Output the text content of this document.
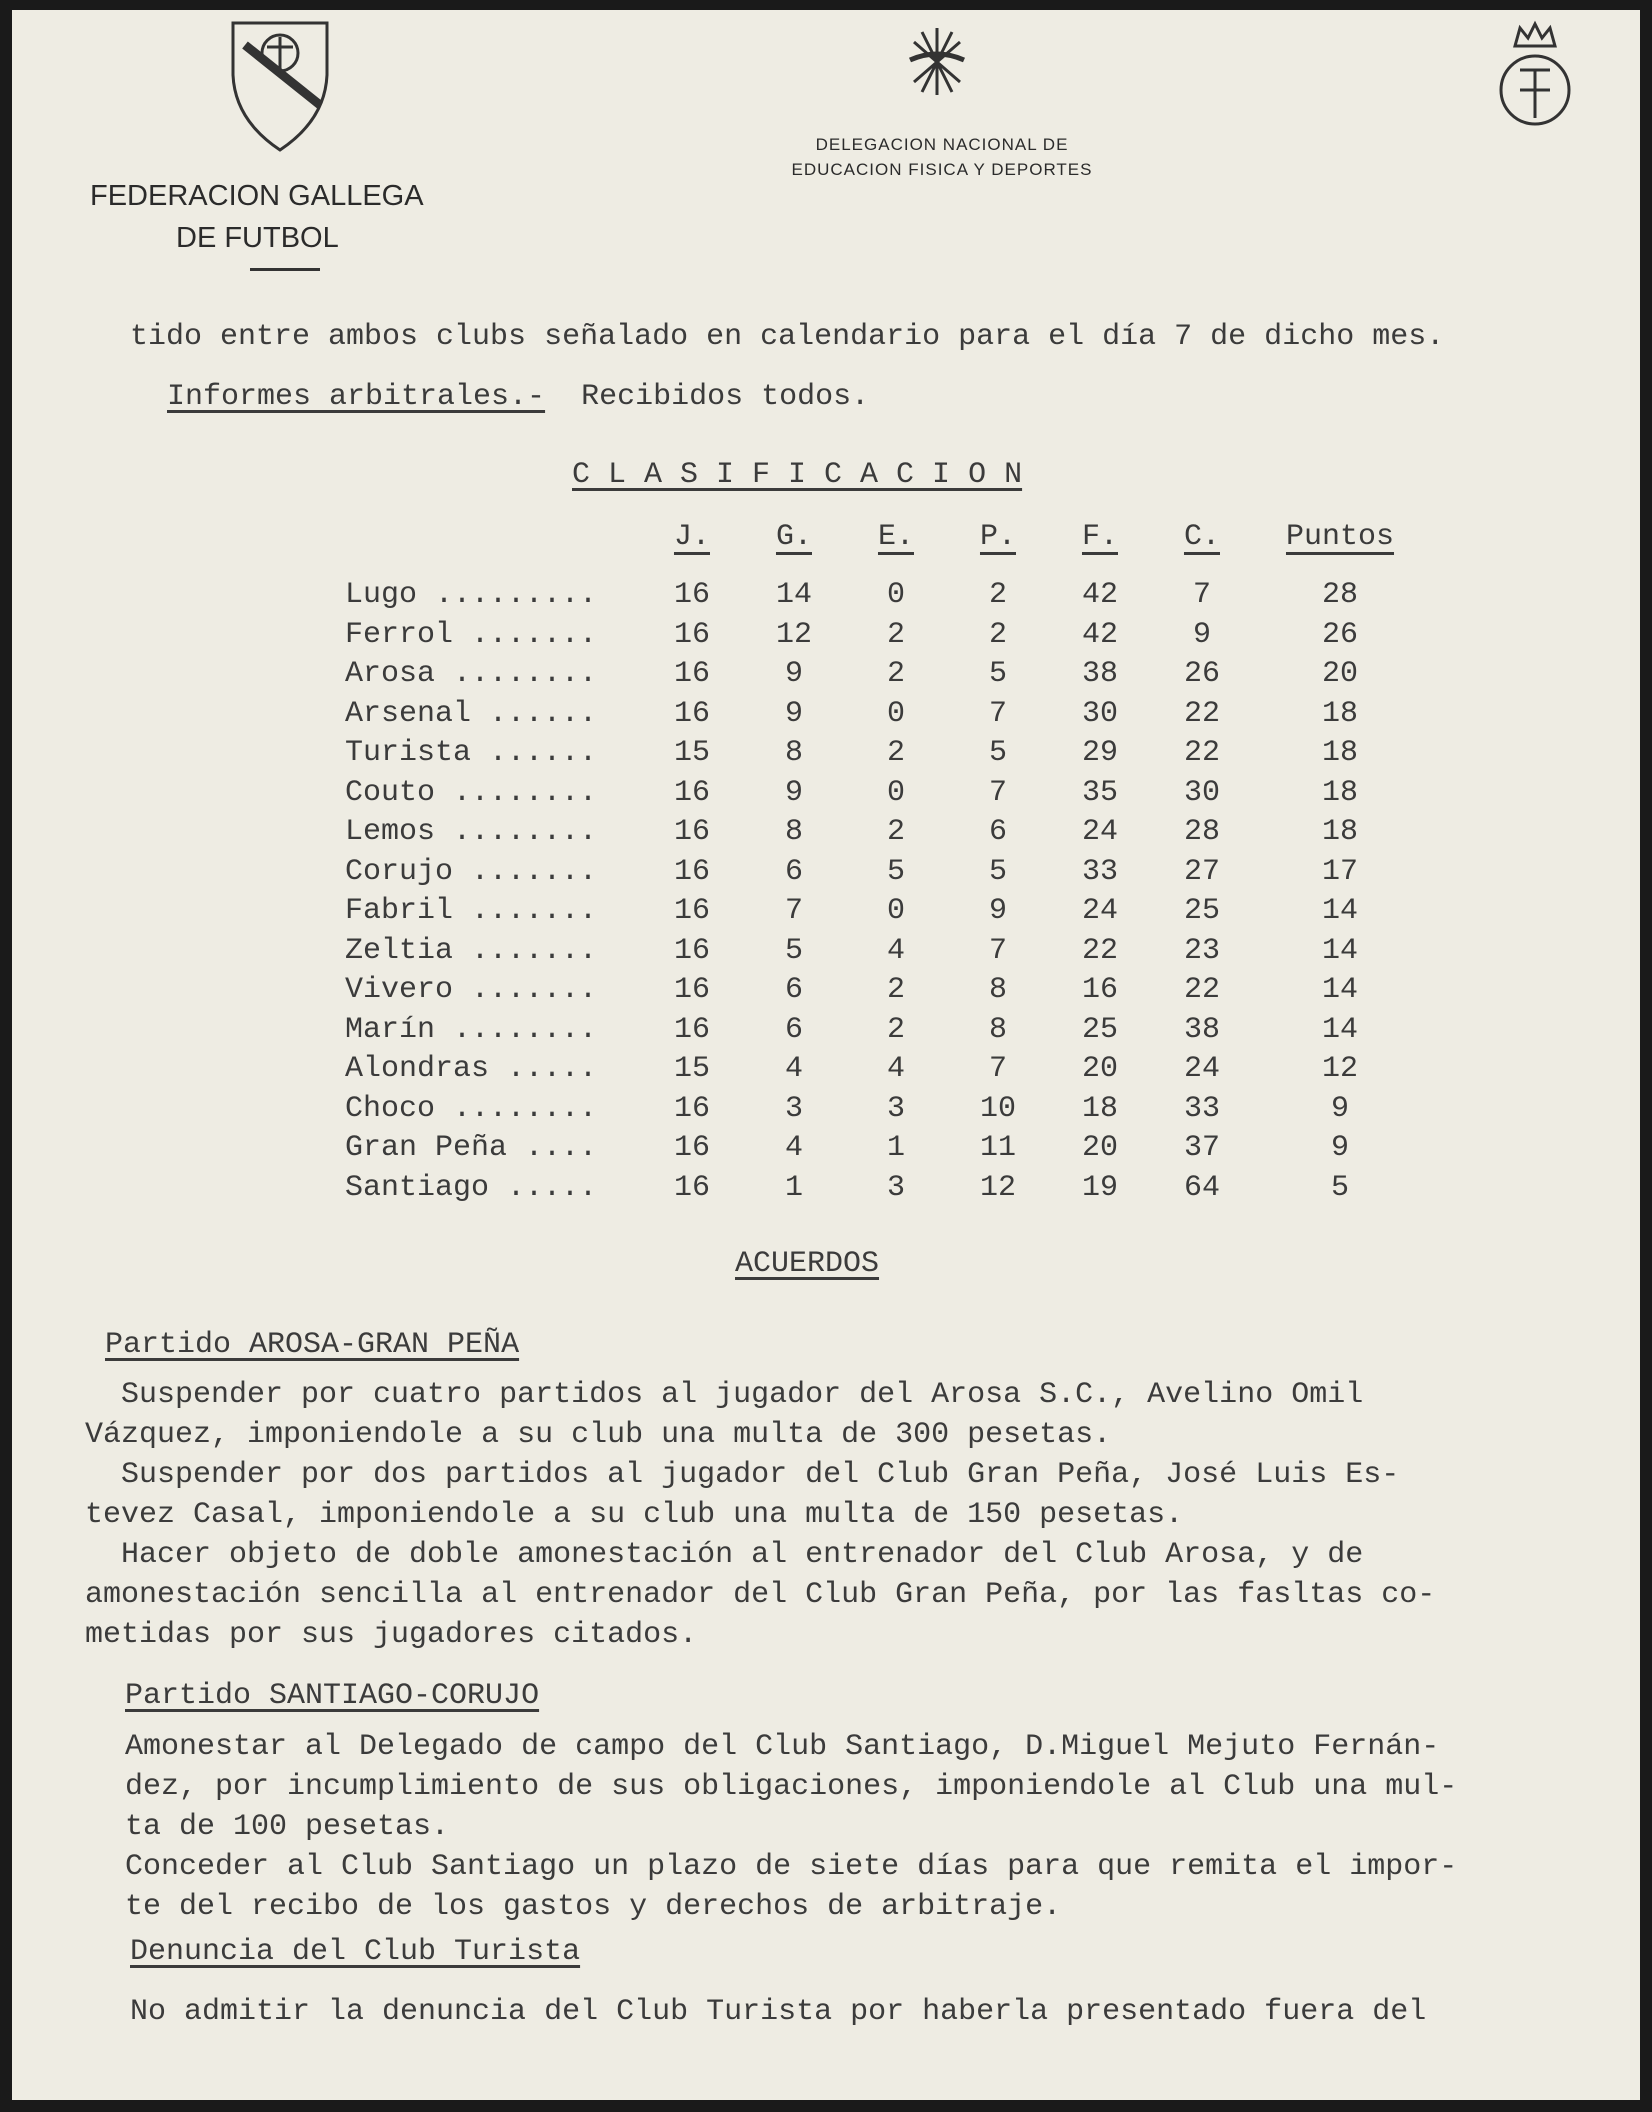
FEDERACION GALLEGA
DE FUTBOL
DELEGACION NACIONAL DE
EDUCACION FISICA Y DEPORTES
tido entre ambos clubs señalado en calendario para el día 7 de dicho mes.
Informes arbitrales.- Recibidos todos.
C L A S I F I C A C I O N
J.	G.	E.	P.	F.	C.	Puntos
Lugo .........	16	14	0	2	42	7	28
Ferrol .......	16	12	2	2	42	9	26
Arosa ........	16	9	2	5	38	26	20
Arsenal ......	16	9	0	7	30	22	18
Turista ......	15	8	2	5	29	22	18
Couto ........	16	9	0	7	35	30	18
Lemos ........	16	8	2	6	24	28	18
Corujo .......	16	6	5	5	33	27	17
Fabril .......	16	7	0	9	24	25	14
Zeltia .......	16	5	4	7	22	23	14
Vivero .......	16	6	2	8	16	22	14
Marín ........	16	6	2	8	25	38	14
Alondras .....	15	4	4	7	20	24	12
Choco ........	16	3	3	10	18	33	9
Gran Peña ....	16	4	1	11	20	37	9
Santiago .....	16	1	3	12	19	64	5
ACUERDOS
Partido AROSA-GRAN PEÑA
Suspender por cuatro partidos al jugador del Arosa S.C., Avelino Omil
Vázquez, imponiendole a su club una multa de 300 pesetas.
Suspender por dos partidos al jugador del Club Gran Peña, José Luis Es-
tevez Casal, imponiendole a su club una multa de 150 pesetas.
Hacer objeto de doble amonestación al entrenador del Club Arosa, y de
amonestación sencilla al entrenador del Club Gran Peña, por las fasltas co-
metidas por sus jugadores citados.
Partido SANTIAGO-CORUJO
Amonestar al Delegado de campo del Club Santiago, D.Miguel Mejuto Fernán-
dez, por incumplimiento de sus obligaciones, imponiendole al Club una mul-
ta de 100 pesetas.
Conceder al Club Santiago un plazo de siete días para que remita el impor-
te del recibo de los gastos y derechos de arbitraje.
Denuncia del Club Turista
No admitir la denuncia del Club Turista por haberla presentado fuera del
